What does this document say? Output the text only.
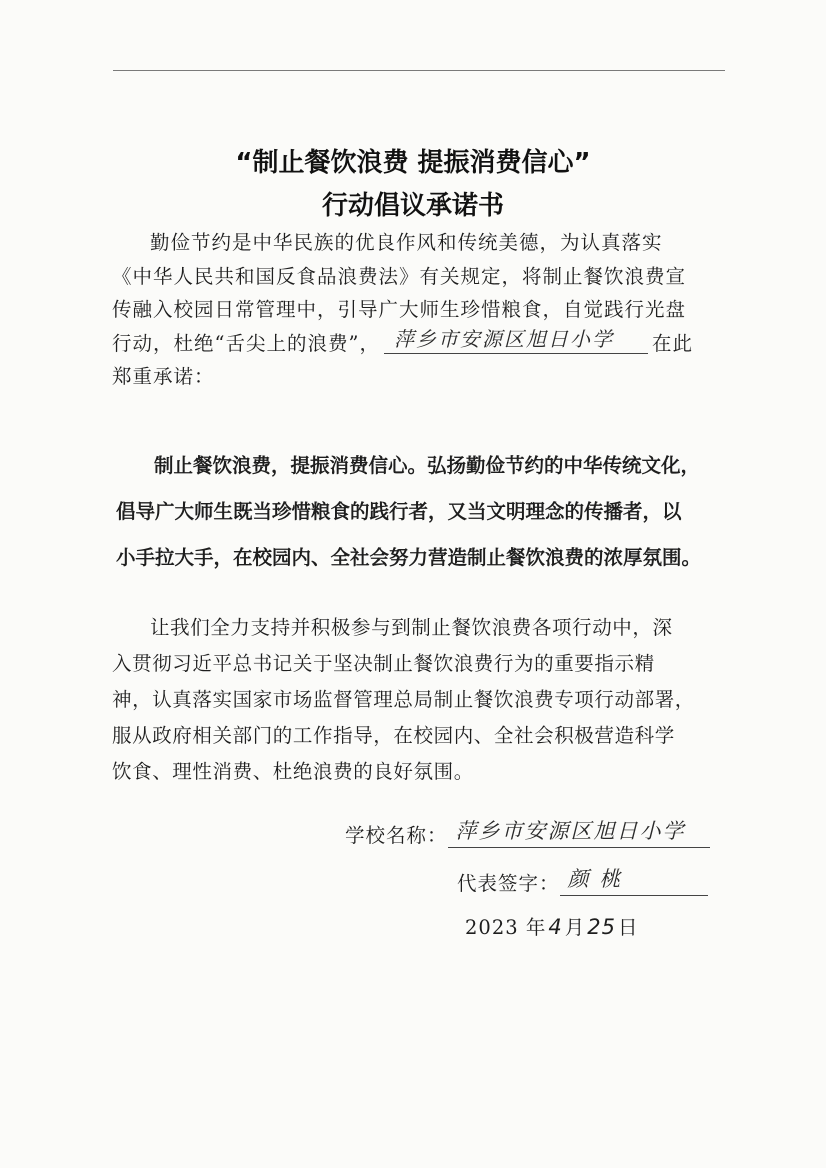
“制止餐饮浪费 提振消费信心”
行动倡议承诺书
勤俭节约是中华民族的优良作风和传统美德，为认真落实
《中华人民共和国反食品浪费法》有关规定，将制止餐饮浪费宣
传融入校园日常管理中，引导广大师生珍惜粮食，自觉践行光盘
行动，杜绝“舌尖上的浪费”， 萍乡市安源区旭日小学 在此
郑重承诺：
制止餐饮浪费，提振消费信心。弘扬勤俭节约的中华传统文化，
倡导广大师生既当珍惜粮食的践行者，又当文明理念的传播者，以
小手拉大手，在校园内、全社会努力营造制止餐饮浪费的浓厚氛围。
让我们全力支持并积极参与到制止餐饮浪费各项行动中，深
入贯彻习近平总书记关于坚决制止餐饮浪费行为的重要指示精
神，认真落实国家市场监督管理总局制止餐饮浪费专项行动部署，
服从政府相关部门的工作指导，在校园内、全社会积极营造科学
饮食、理性消费、杜绝浪费的良好氛围。
学校名称： 萍乡市安源区旭日小学
代表签字： 颜 桃
2023 年4 月25 日
